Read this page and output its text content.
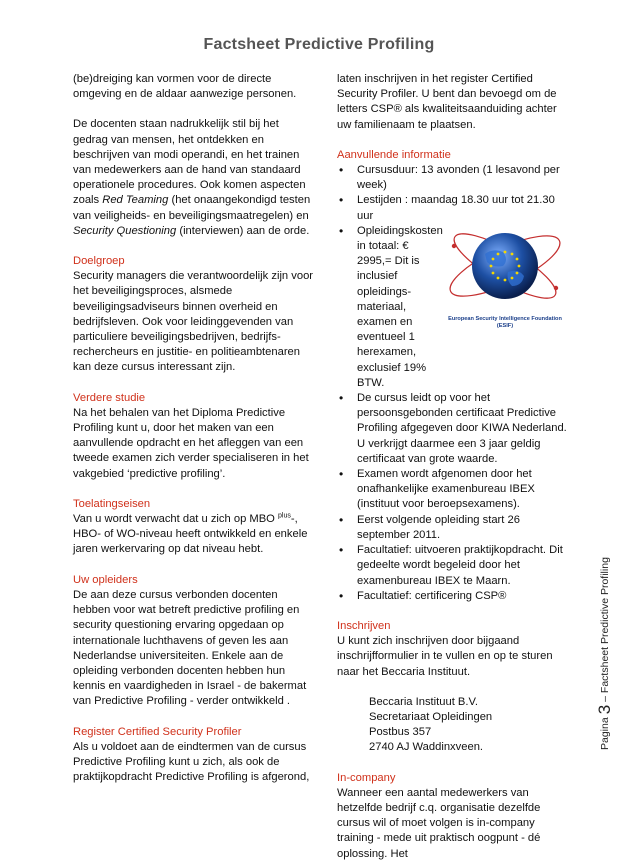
Factsheet Predictive Profiling

(be)dreiging kan vormen voor de directe omgeving en de aldaar aanwezige personen.

De docenten staan nadrukkelijk stil bij het gedrag van mensen, het ontdekken en beschrijven van modi operandi, en het trainen van medewerkers aan de hand van standaard operationele procedures. Ook komen aspecten zoals Red Teaming (het onaangekondigd testen van veiligheids- en beveiligingsmaatregelen) en Security Questioning (interviewen) aan de orde.

Doelgroep

Security managers die verantwoordelijk zijn voor het beveiligingsproces, alsmede beveiligingsadviseurs binnen overheid en bedrijfsleven. Ook voor leidinggevenden van particuliere beveiligingsbedrijven, bedrijfs-rechercheurs en justitie- en politieambtenaren kan deze cursus interessant zijn.

Verdere studie

Na het behalen van het Diploma Predictive Profiling kunt u, door het maken van een aanvullende opdracht en het afleggen van een tweede examen zich verder specialiseren in het vakgebied ‘predictive profiling’.

Toelatingseisen

Van u wordt verwacht dat u zich op MBO $^{plus}$-, HBO- of WO-niveau heeft ontwikkeld en enkele jaren werkervaring op dat niveau hebt.

Uw opleiders

De aan deze cursus verbonden docenten hebben voor wat betreft predictive profiling en security questioning ervaring opgedaan op internationale luchthavens of geven les aan Nederlandse universiteiten. Enkele aan de opleiding verbonden docenten hebben hun kennis en vaardigheden in Israel - de bakermat van Predictive Profiling - verder ontwikkeld .

Register Certified Security Profiler

Als u voldoet aan de eindtermen van de cursus Predictive Profiling kunt u zich, als ook de praktijkopdracht Predictive Profiling is afgerond,

laten inschrijven in het register Certified Security Profiler. U bent dan bevoegd om de letters CSP® als kwaliteitsaanduiding achter uw familienaam te plaatsen.

Aanvullende informatie

• Cursusduur: 13 avonden (1 lesavond per week)
• Lestijden : maandag 18.30 uur tot 21.30 uur
• Opleidingskosten in totaal: € 2995,= Dit is inclusief opleidings-materiaal, examen en eventueel 1 herexamen, exclusief 19% BTW.
• De cursus leidt op voor het persoonsgebonden certificaat Predictive Profiling afgegeven door KIWA Nederland. U verkrijgt daarmee een 3 jaar geldig certificaat van grote waarde.
• Examen wordt afgenomen door het onafhankelijke examenbureau IBEX (instituut voor beroepsexamens).
• Eerst volgende opleiding start 26 september 2011.
• Facultatief: uitvoeren praktijkopdracht. Dit gedeelte wordt begeleid door het examenbureau IBEX te Maarn.
• Facultatief: certificering CSP®

Inschrijven

U kunt zich inschrijven door bijgaand inschrijfformulier in te vullen en op te sturen naar het Beccaria Instituut.

Beccaria Instituut B.V.

Secretariaat Opleidingen

Postbus 357

2740 AJ Waddinxveen.

In-company

Wanneer een aantal medewerkers van hetzelfde bedrijf c.q. organisatie dezelfde cursus wil of moet volgen is in-company training - mede uit praktisch oogpunt - dé oplossing. Het

European Security Intelligence Foundation (ESIF)
Pagina3– Factsheet Predictive Profiling
